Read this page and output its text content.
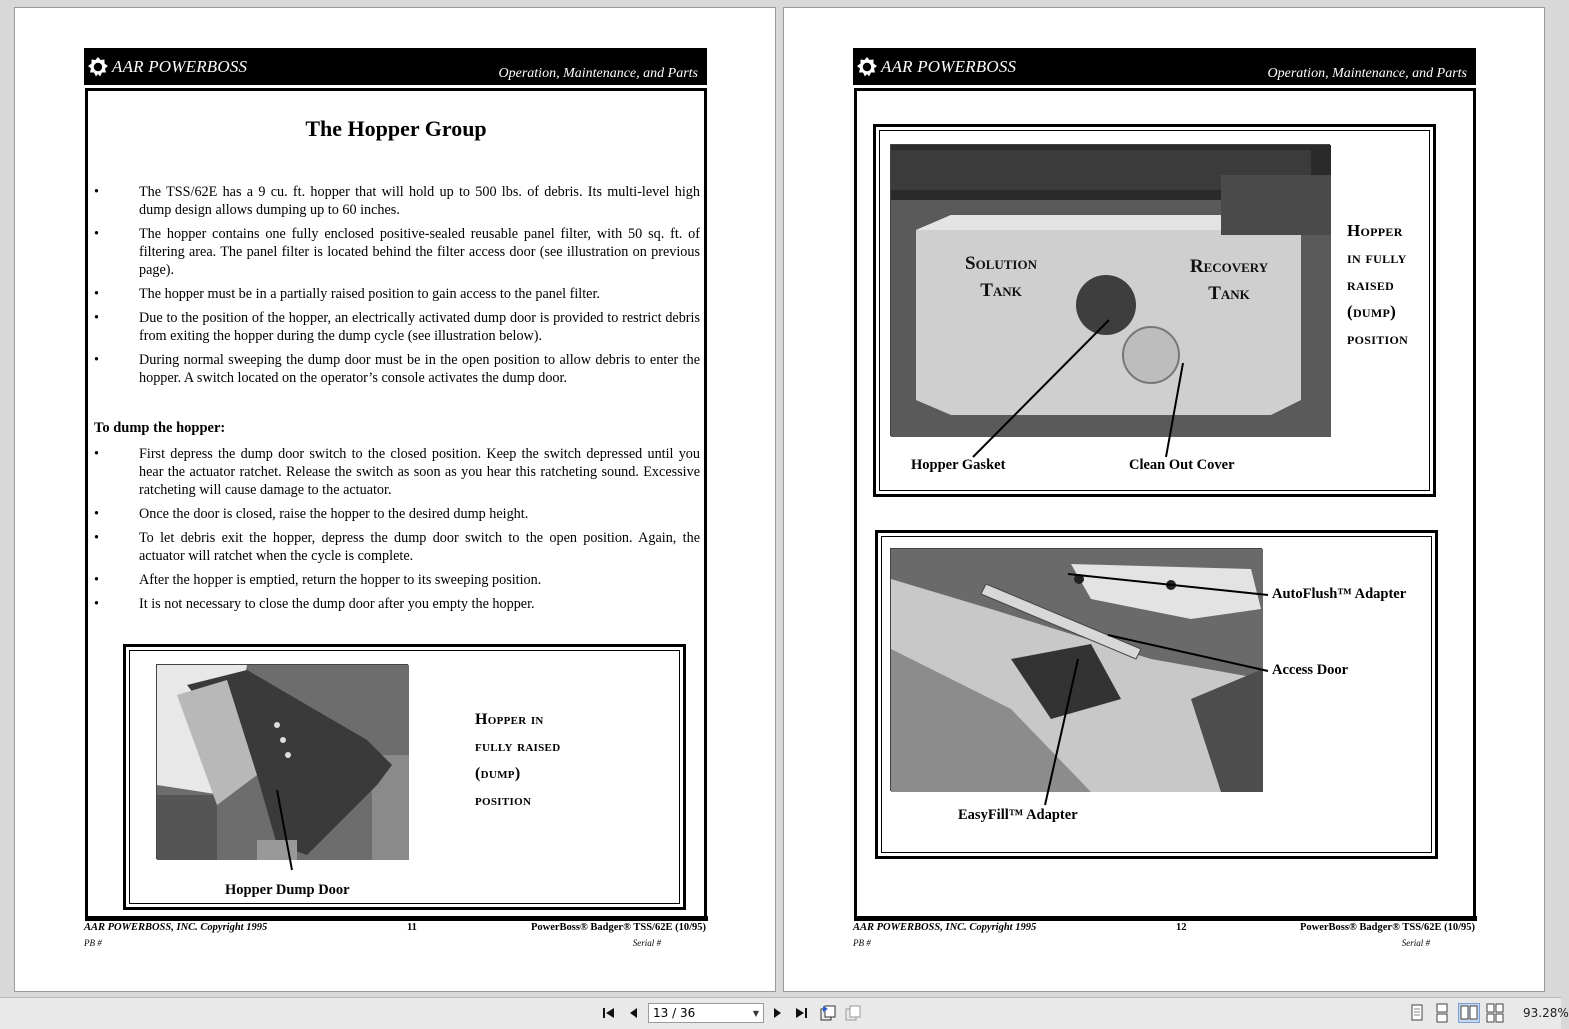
AAR POWERBOSS	Operation, Maintenance, and Parts
The Hopper Group
• The TSS/62E has a 9 cu. ft. hopper that will hold up to 500 lbs. of debris. Its multi-level high dump design allows dumping up to 60 inches.
• The hopper contains one fully enclosed positive-sealed reusable panel filter, with 50 sq. ft. of filtering area. The panel filter is located behind the filter access door (see illustration on previous page).
• The hopper must be in a partially raised position to gain access to the panel filter.
• Due to the position of the hopper, an electrically activated dump door is provided to restrict debris from exiting the hopper during the dump cycle (see illustration below).
• During normal sweeping the dump door must be in the open position to allow debris to enter the hopper. A switch located on the operator’s console activates the dump door.
To dump the hopper:
• First depress the dump door switch to the closed position. Keep the switch depressed until you hear the actuator ratchet. Release the switch as soon as you hear this ratcheting sound. Excessive ratcheting will cause damage to the actuator.
• Once the door is closed, raise the hopper to the desired dump height.
• To let debris exit the hopper, depress the dump door switch to the open position. Again, the actuator will ratchet when the cycle is complete.
• After the hopper is emptied, return the hopper to its sweeping position.
• It is not necessary to close the dump door after you empty the hopper.
Hopper in
fully raised
(dump)
position
Hopper Dump Door
AAR POWERBOSS, INC. Copyright 1995	11	PowerBoss® Badger® TSS/62E (10/95)
PB #	Serial #
AAR POWERBOSS	Operation, Maintenance, and Parts
Solution
Tank
Recovery
Tank
Hopper
in fully
raised
(dump)
position
Hopper Gasket	Clean Out Cover
AutoFlush™ Adapter
Access Door
EasyFill™ Adapter
AAR POWERBOSS, INC. Copyright 1995	12	PowerBoss® Badger® TSS/62E (10/95)
PB #	Serial #
13 / 36	▼	93.28%
